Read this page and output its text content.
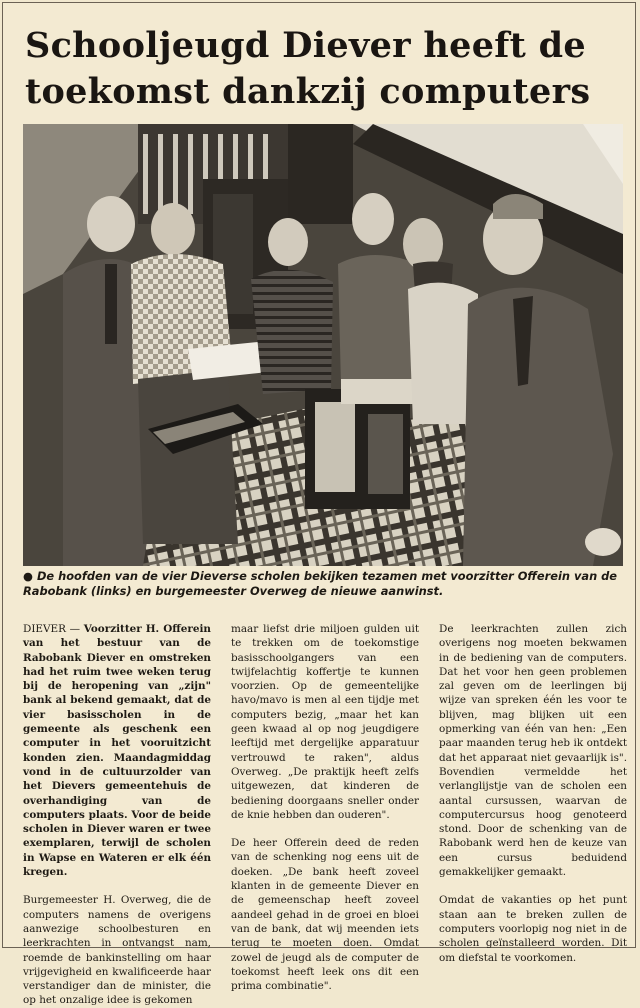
Schooljeugd Diever heeft de toekomst dankzij computers
● De hoofden van de vier Dieverse scholen bekijken tezamen met voorzitter Offerein van de Rabobank (links) en burgemeester Overweg de nieuwe aanwinst.

DIEVER — Voorzitter H. Offerein van het bestuur van de Rabobank Diever en omstreken had het ruim twee weken terug bij de heropening van „zijn" bank al bekend gemaakt, dat de vier basisscholen in de gemeente als geschenk een computer in het vooruitzicht konden zien. Maandagmiddag vond in de cultuurzolder van het Dievers gemeentehuis de overhandiging van de computers plaats. Voor de beide scholen in Diever waren er twee exemplaren, terwijl de scholen in Wapse en Wateren er elk één kregen.

Burgemeester H. Overweg, die de computers namens de overigens aanwezige schoolbesturen en leerkrachten in ontvangst nam, roemde de bankinstelling om haar vrijgevigheid en kwalificeerde haar verstandiger dan de minister, die op het onzalige idee is gekomen

maar liefst drie miljoen gulden uit te trekken om de toekomstige basisschoolgangers van een twijfelachtig koffertje te kunnen voorzien. Op de gemeentelijke havo/mavo is men al een tijdje met computers bezig, „maar het kan geen kwaad al op nog jeugdigere leeftijd met dergelijke apparatuur vertrouwd te raken", aldus Overweg. „De praktijk heeft zelfs uitgewezen, dat kinderen de bediening doorgaans sneller onder de knie hebben dan ouderen".

De heer Offerein deed de reden van de schenking nog eens uit de doeken. „De bank heeft zoveel klanten in de gemeente Diever en de gemeenschap heeft zoveel aandeel gehad in de groei en bloei van de bank, dat wij meenden iets terug te moeten doen. Omdat zowel de jeugd als de computer de toekomst heeft leek ons dit een prima combinatie".

De leerkrachten zullen zich overigens nog moeten bekwamen in de bediening van de computers. Dat het voor hen geen problemen zal geven om de leerlingen bij wijze van spreken één les voor te blijven, mag blijken uit een opmerking van één van hen: „Een paar maanden terug heb ik ontdekt dat het apparaat niet gevaarlijk is". Bovendien vermeldde het verlanglijstje van de scholen een aantal cursussen, waarvan de computercursus hoog genoteerd stond. Door de schenking van de Rabobank werd hen de keuze van een cursus beduidend gemakkelijker gemaakt.

Omdat de vakanties op het punt staan aan te breken zullen de computers voorlopig nog niet in de scholen geïnstalleerd worden. Dit om diefstal te voorkomen.
